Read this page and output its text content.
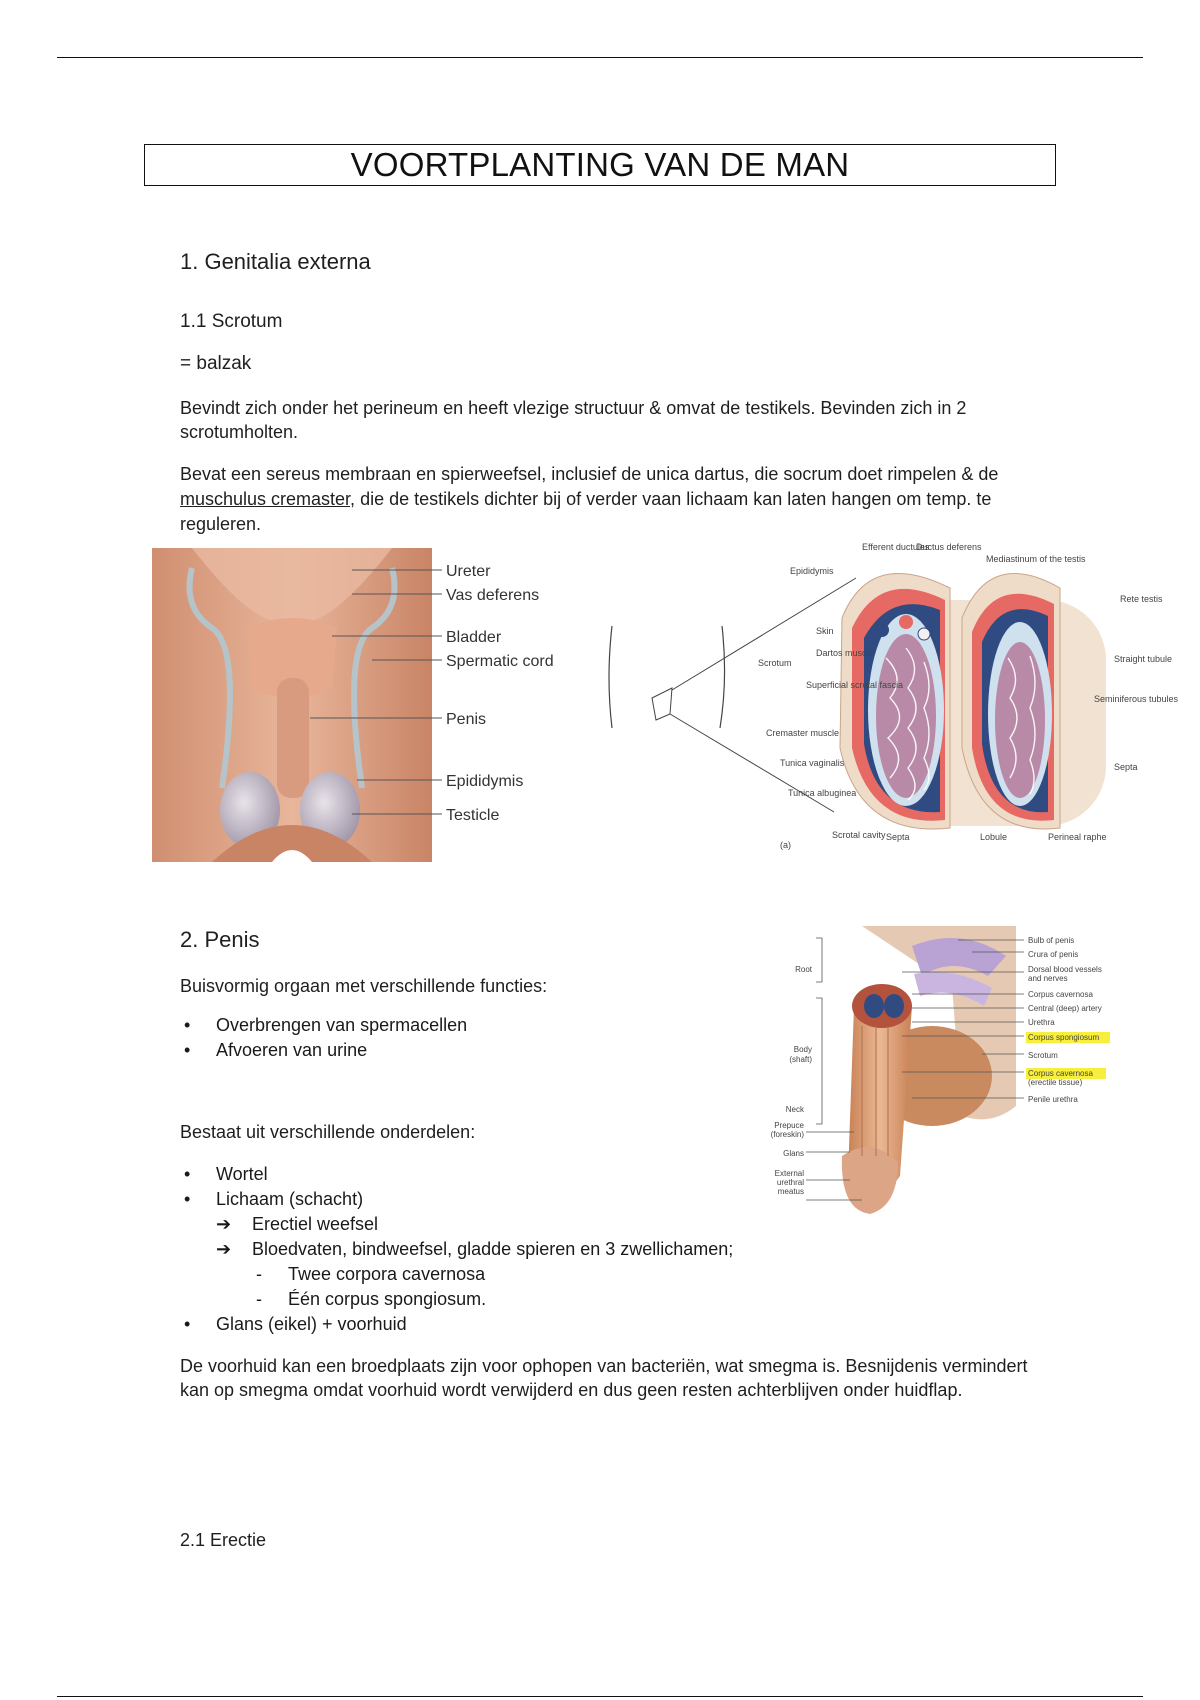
VOORTPLANTING VAN DE MAN
1. Genitalia externa
1.1 Scrotum
= balzak
Bevindt zich onder het perineum en heeft vlezige structuur & omvat de testikels. Bevinden zich in 2 scrotumholten.
Bevat een sereus membraan en spierweefsel, inclusief de unica dartus, die socrum doet rimpelen & de muschulus cremaster, die de testikels dichter bij of verder vaan lichaam kan laten hangen om temp. te reguleren.
Ureter
Vas deferens
Bladder
Spermatic cord
Penis
Epididymis
Testicle
Epididymis
Efferent ductules
Ductus deferens
Mediastinum of the testis
Rete testis
Skin
Dartos muscle
Scrotum
Superficial scrotal fascia
Straight tubule
Seminiferous tubules
Cremaster muscle
Tunica vaginalis	Septa
Tunica albuginea
Scrotal cavity Septa	Lobule	Perineal raphe
(a)
2. Penis
Buisvormig orgaan met verschillende functies:
• Overbrengen van spermacellen
• Afvoeren van urine
Bestaat uit verschillende onderdelen:
• Wortel
• Lichaam (schacht)
➔ Erectiel weefsel
➔ Bloedvaten, bindweefsel, gladde spieren en 3 zwellichamen;
- Twee corpora cavernosa
- Één corpus spongiosum.
• Glans (eikel) + voorhuid
De voorhuid kan een broedplaats zijn voor ophopen van bacteriën, wat smegma is. Besnijdenis vermindert kan op smegma omdat voorhuid wordt verwijderd en dus geen resten achterblijven onder huidflap.
2.1 Erectie
Root
Body
(shaft)
Neck
Prepuce
(foreskin)
Glans
External
urethral
meatus
Bulb of penis
Crura of penis
Dorsal blood vessels
and nerves
Corpus cavernosa
Central (deep) artery
Urethra
Corpus spongiosum
Scrotum
Corpus cavernosa
(erectile tissue)
Penile urethra
